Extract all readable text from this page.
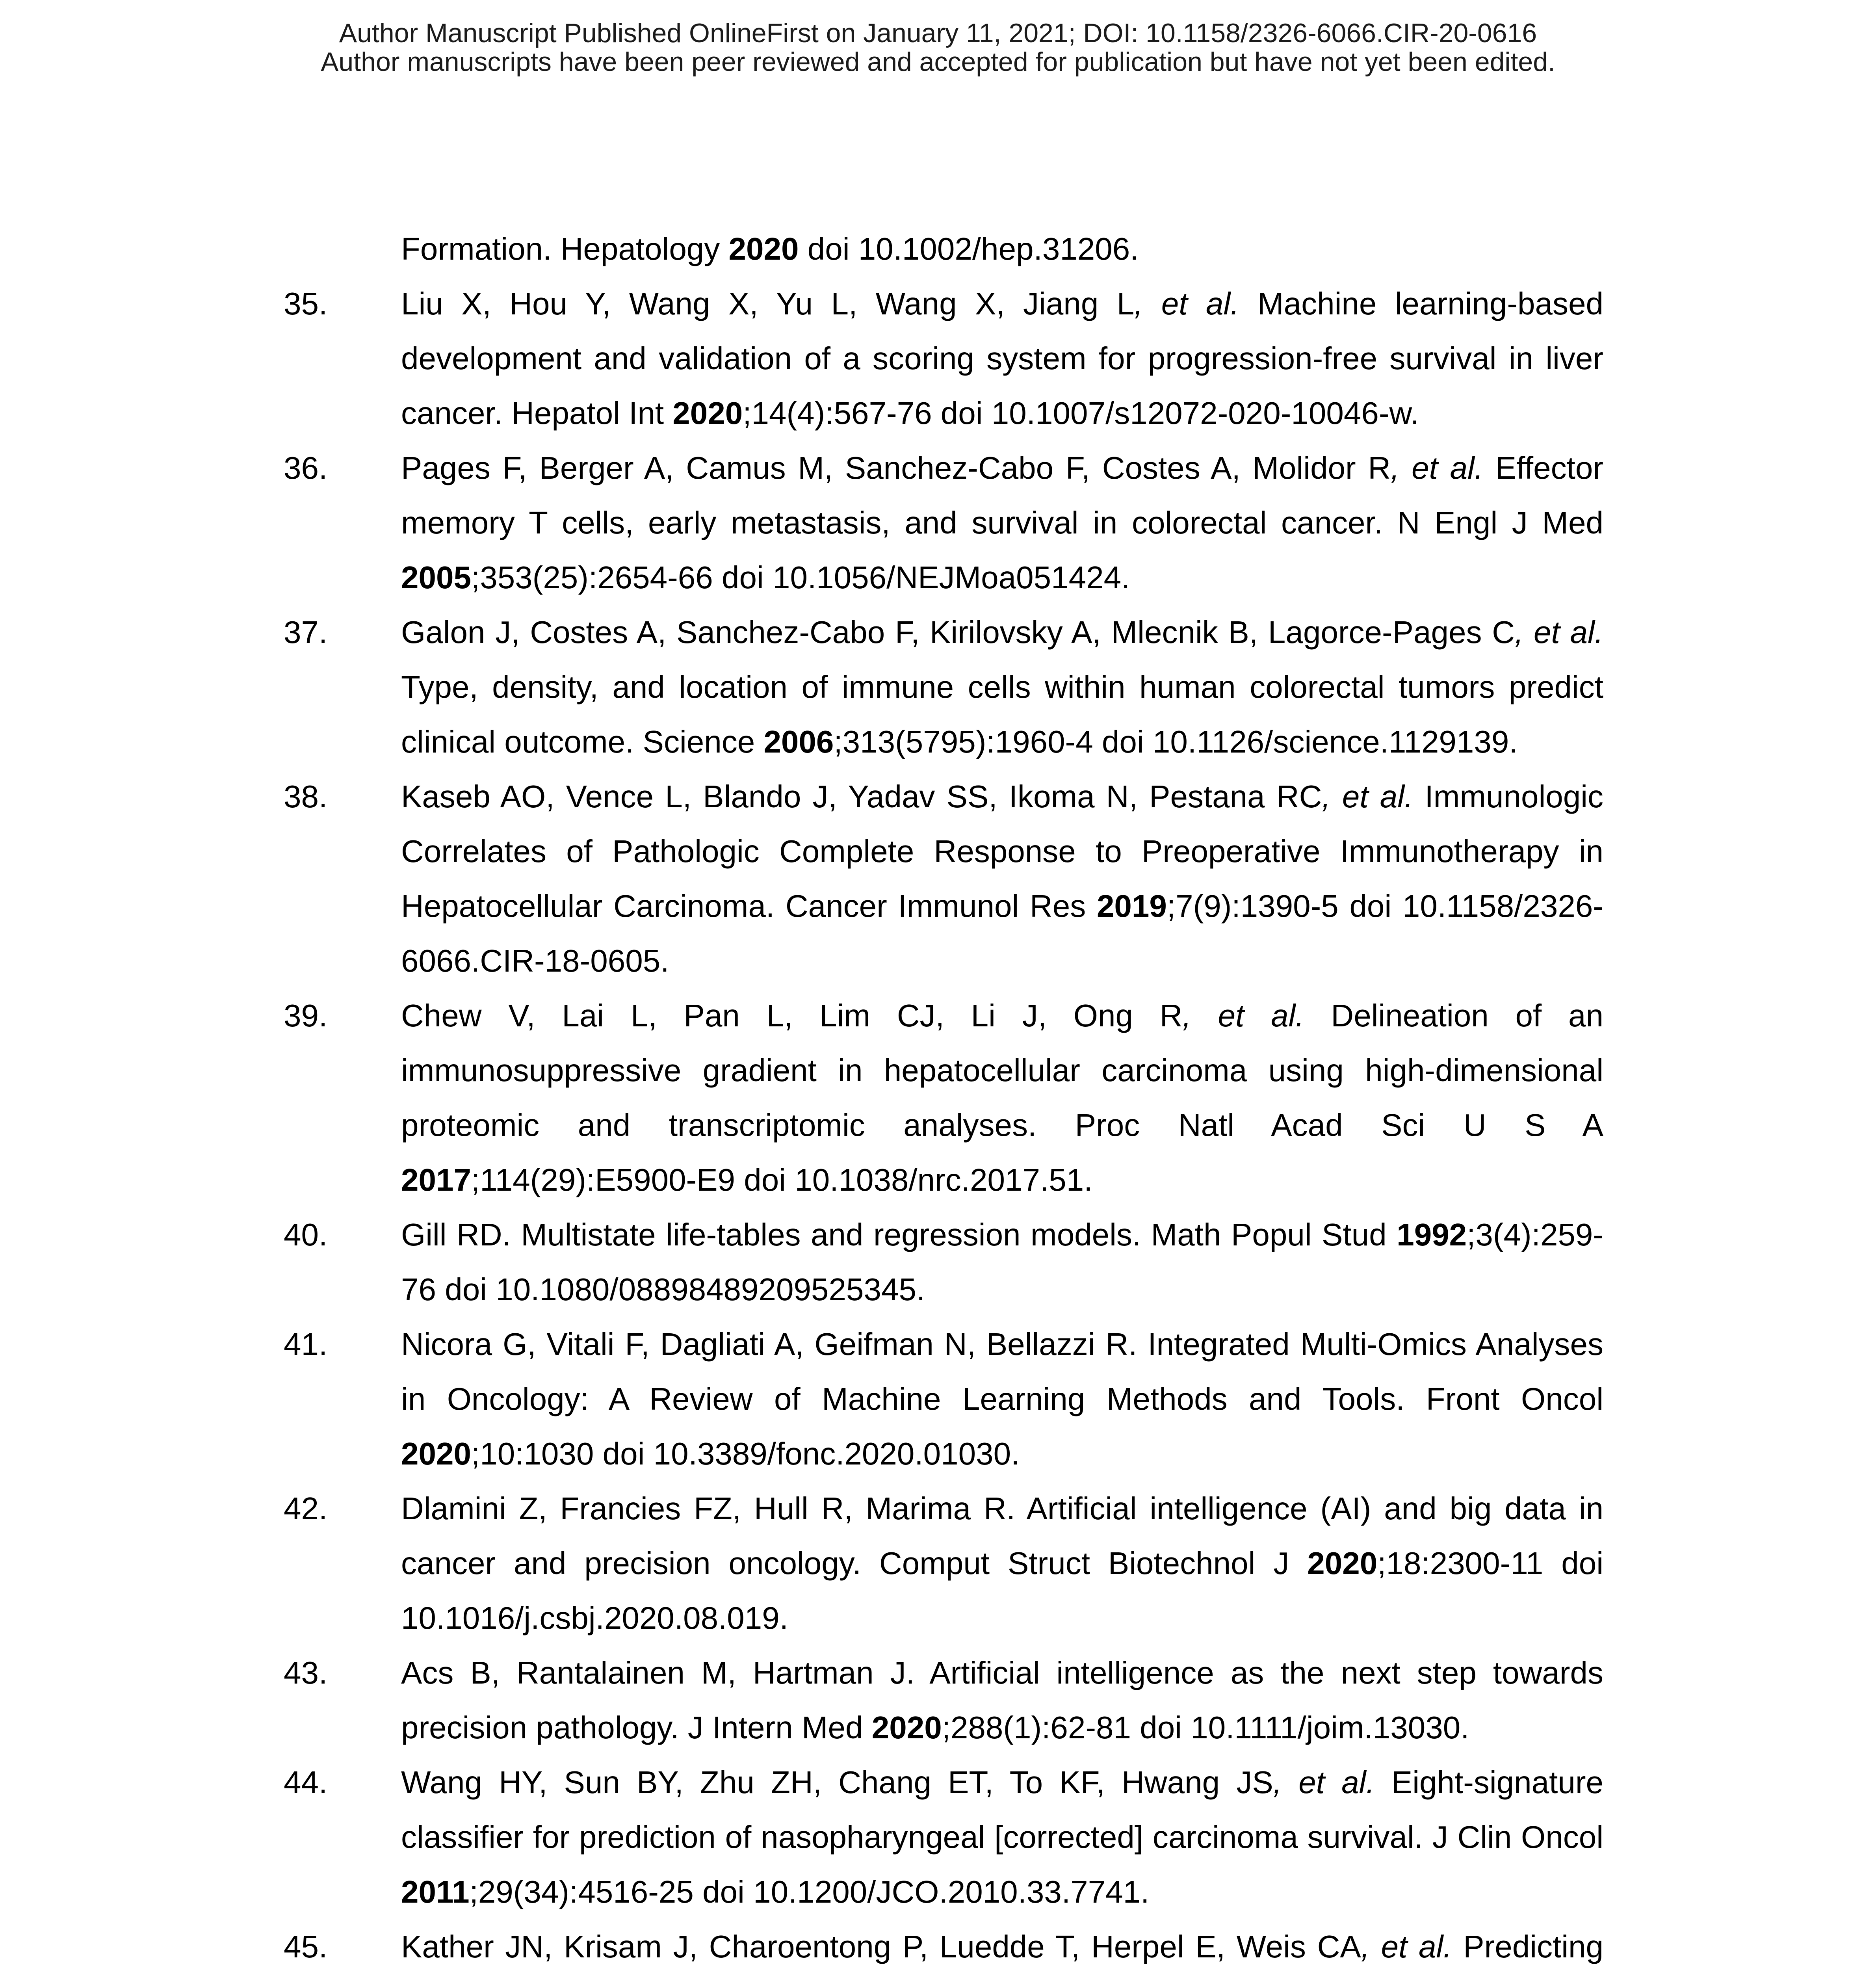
Author Manuscript Published OnlineFirst on January 11, 2021; DOI: 10.1158/2326-6066.CIR-20-0616
Author manuscripts have been peer reviewed and accepted for publication but have not yet been edited.
Formation. Hepatology 2020 doi 10.1002/hep.31206.
35. Liu X, Hou Y, Wang X, Yu L, Wang X, Jiang L, et al. Machine learning-based development and validation of a scoring system for progression-free survival in liver cancer. Hepatol Int 2020;14(4):567-76 doi 10.1007/s12072-020-10046-w.
36. Pages F, Berger A, Camus M, Sanchez-Cabo F, Costes A, Molidor R, et al. Effector memory T cells, early metastasis, and survival in colorectal cancer. N Engl J Med 2005;353(25):2654-66 doi 10.1056/NEJMoa051424.
37. Galon J, Costes A, Sanchez-Cabo F, Kirilovsky A, Mlecnik B, Lagorce-Pages C, et al. Type, density, and location of immune cells within human colorectal tumors predict clinical outcome. Science 2006;313(5795):1960-4 doi 10.1126/science.1129139.
38. Kaseb AO, Vence L, Blando J, Yadav SS, Ikoma N, Pestana RC, et al. Immunologic Correlates of Pathologic Complete Response to Preoperative Immunotherapy in Hepatocellular Carcinoma. Cancer Immunol Res 2019;7(9):1390-5 doi 10.1158/2326-6066.CIR-18-0605.
39. Chew V, Lai L, Pan L, Lim CJ, Li J, Ong R, et al. Delineation of an immunosuppressive gradient in hepatocellular carcinoma using high-dimensional proteomic and transcriptomic analyses. Proc Natl Acad Sci U S A 2017;114(29):E5900-E9 doi 10.1038/nrc.2017.51.
40. Gill RD. Multistate life-tables and regression models. Math Popul Stud 1992;3(4):259-76 doi 10.1080/08898489209525345.
41. Nicora G, Vitali F, Dagliati A, Geifman N, Bellazzi R. Integrated Multi-Omics Analyses in Oncology: A Review of Machine Learning Methods and Tools. Front Oncol 2020;10:1030 doi 10.3389/fonc.2020.01030.
42. Dlamini Z, Francies FZ, Hull R, Marima R. Artificial intelligence (AI) and big data in cancer and precision oncology. Comput Struct Biotechnol J 2020;18:2300-11 doi 10.1016/j.csbj.2020.08.019.
43. Acs B, Rantalainen M, Hartman J. Artificial intelligence as the next step towards precision pathology. J Intern Med 2020;288(1):62-81 doi 10.1111/joim.13030.
44. Wang HY, Sun BY, Zhu ZH, Chang ET, To KF, Hwang JS, et al. Eight-signature classifier for prediction of nasopharyngeal [corrected] carcinoma survival. J Clin Oncol 2011;29(34):4516-25 doi 10.1200/JCO.2010.33.7741.
45. Kather JN, Krisam J, Charoentong P, Luedde T, Herpel E, Weis CA, et al. Predicting
